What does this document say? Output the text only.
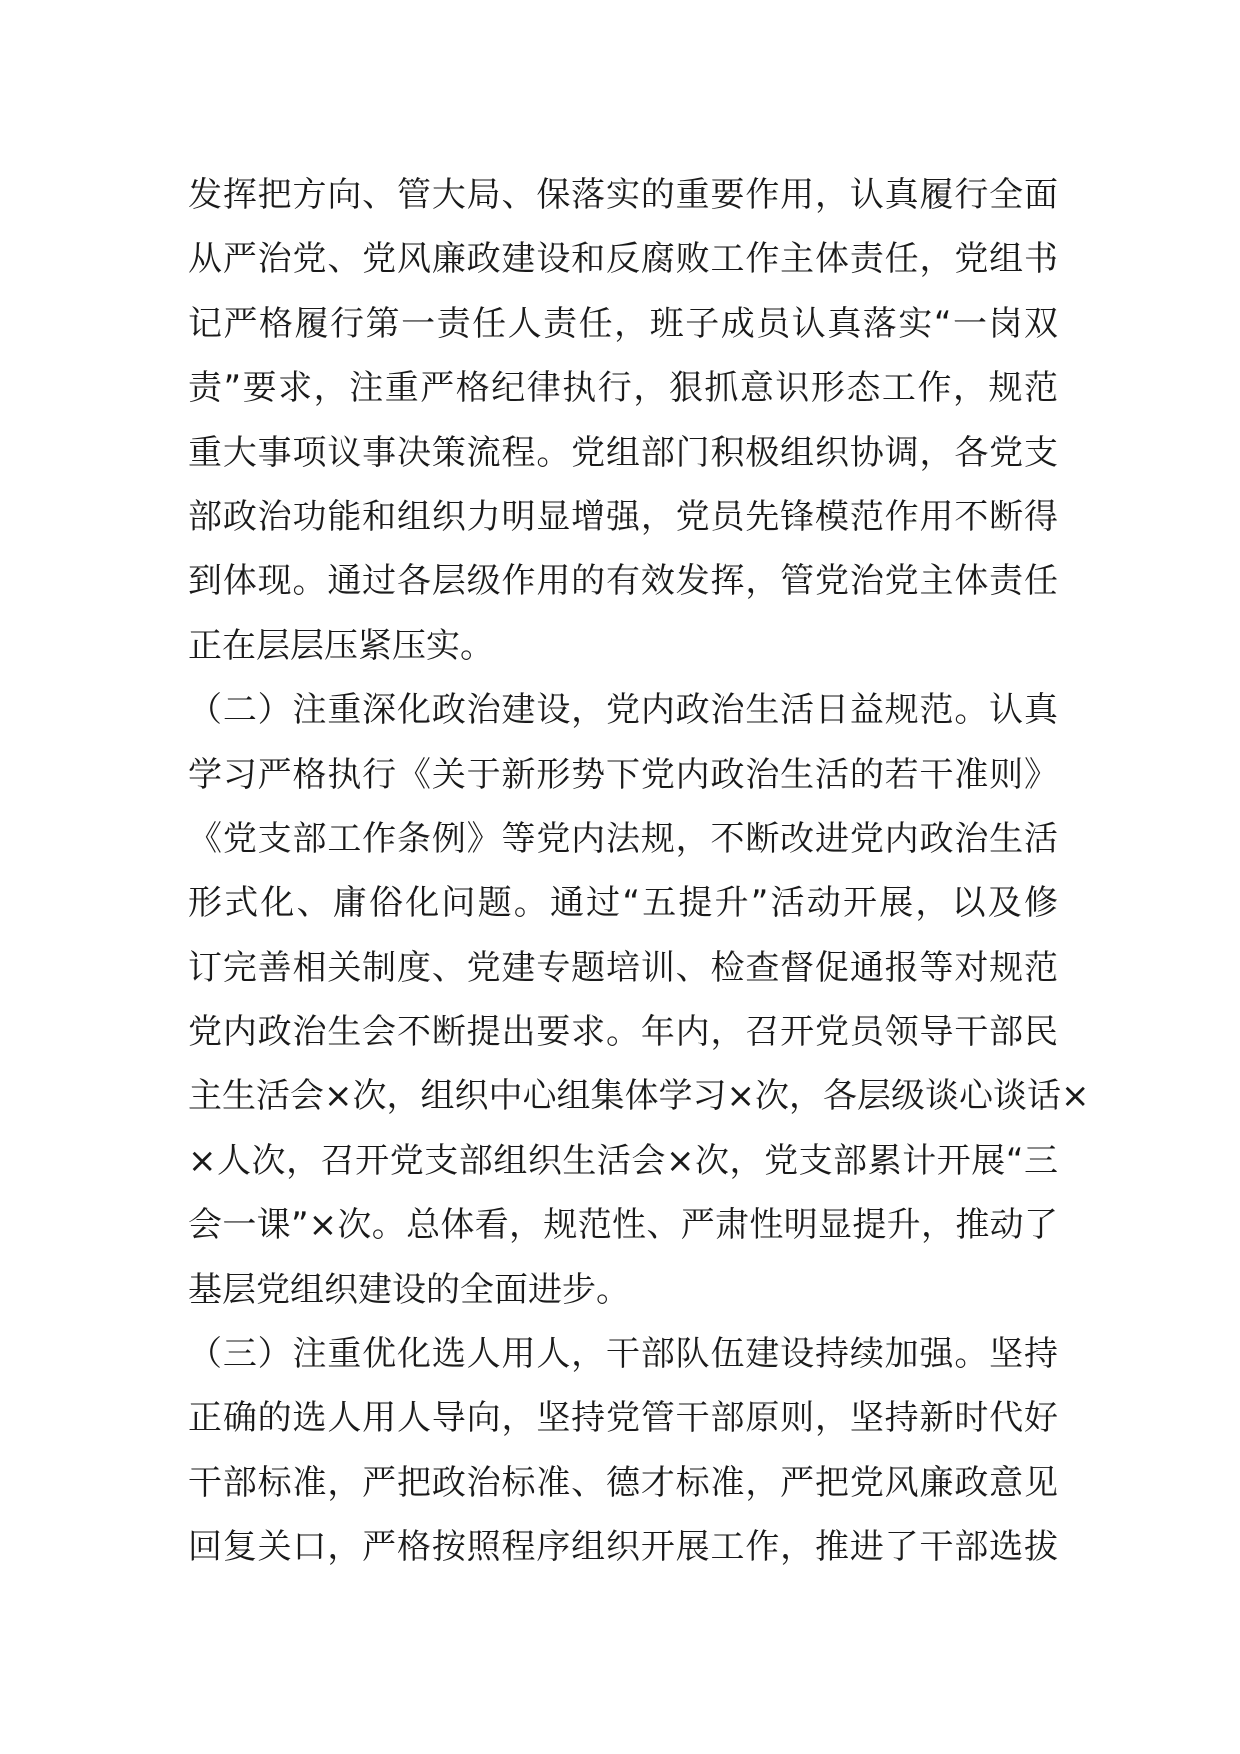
发挥把方向、管大局、保落实的重要作用，认真履行全面
从严治党、党风廉政建设和反腐败工作主体责任，党组书
记严格履行第一责任人责任，班子成员认真落实“一岗双
责”要求，注重严格纪律执行，狠抓意识形态工作，规范
重大事项议事决策流程。党组部门积极组织协调，各党支
部政治功能和组织力明显增强，党员先锋模范作用不断得
到体现。通过各层级作用的有效发挥，管党治党主体责任
正在层层压紧压实。
（二）注重深化政治建设，党内政治生活日益规范。认真
学习严格执行《关于新形势下党内政治生活的若干准则》
《党支部工作条例》等党内法规，不断改进党内政治生活
形式化、庸俗化问题。通过“五提升”活动开展，以及修
订完善相关制度、党建专题培训、检查督促通报等对规范
党内政治生会不断提出要求。年内，召开党员领导干部民
主生活会×次，组织中心组集体学习×次，各层级谈心谈话×
×人次，召开党支部组织生活会×次，党支部累计开展“三
会一课”×次。总体看，规范性、严肃性明显提升，推动了
基层党组织建设的全面进步。
（三）注重优化选人用人，干部队伍建设持续加强。坚持
正确的选人用人导向，坚持党管干部原则，坚持新时代好
干部标准，严把政治标准、德才标准，严把党风廉政意见
回复关口，严格按照程序组织开展工作，推进了干部选拔
